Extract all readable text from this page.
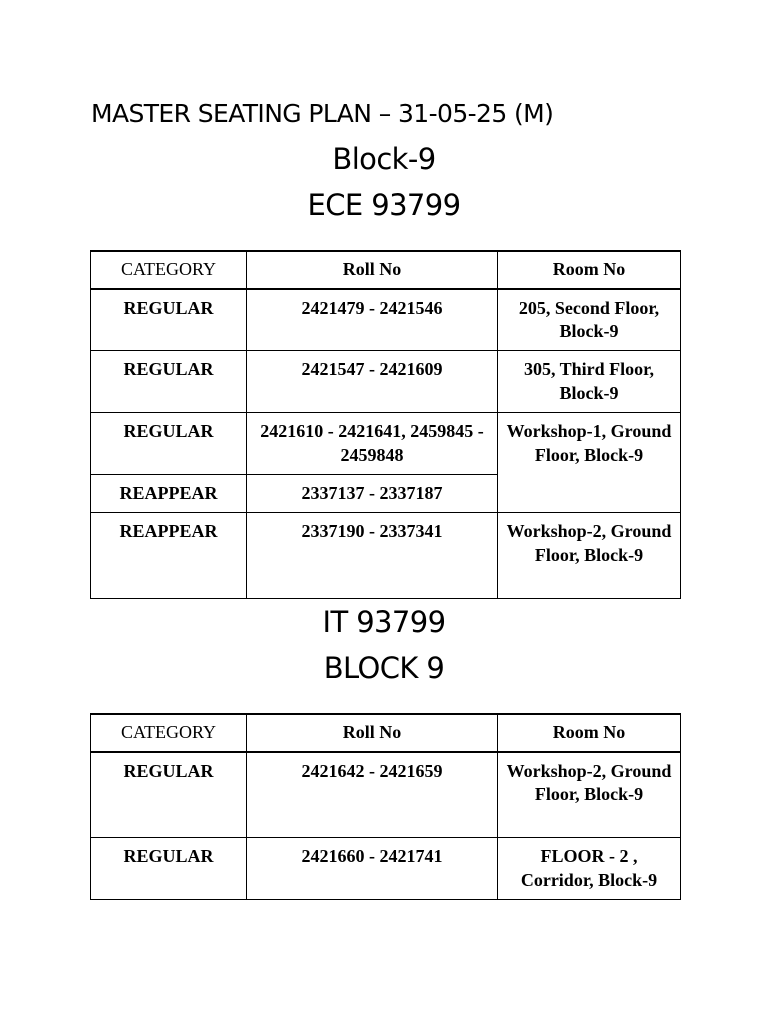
MASTER SEATING PLAN – 31-05-25 (M)
Block-9
ECE 93799
CATEGORY	Roll No	Room No
REGULAR	2421479 - 2421546	205, Second Floor, Block-9
REGULAR	2421547 - 2421609	305, Third Floor, Block-9
REGULAR	2421610 - 2421641, 2459845 - 2459848	Workshop-1, Ground Floor, Block-9
REAPPEAR	2337137 - 2337187	
REAPPEAR	2337190 - 2337341	Workshop-2, Ground Floor, Block-9
IT 93799
BLOCK 9
CATEGORY	Roll No	Room No
REGULAR	2421642 - 2421659	Workshop-2, Ground Floor, Block-9
REGULAR	2421660 - 2421741	FLOOR - 2 , Corridor, Block-9
